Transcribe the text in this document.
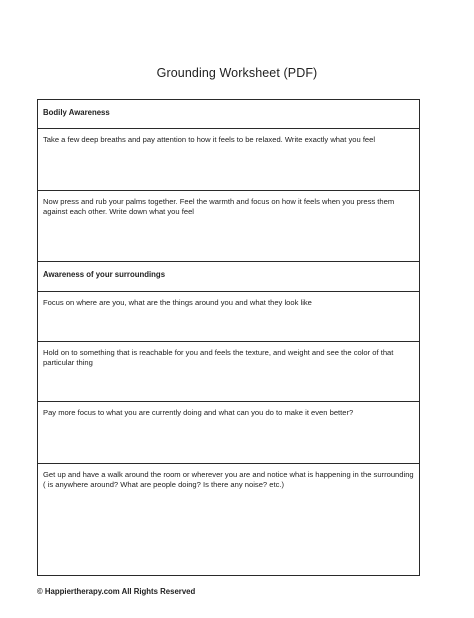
Grounding Worksheet (PDF)
Bodily Awareness
Take a few deep breaths and pay attention to how it feels to be relaxed. Write exactly what you feel
Now press and rub your palms together. Feel the warmth and focus on how it feels when you press them against each other. Write down what you feel
Awareness of your surroundings
Focus on where are you, what are the things around you and what they look like
Hold on to something that is reachable for you and feels the texture, and weight and see the color of that particular thing
Pay more focus to what you are currently doing and what can you do to make it even better?
Get up and have a walk around the room or wherever you are and notice what is happening in the surrounding ( is anywhere around? What are people doing? Is there any noise? etc.)
© Happiertherapy.com All Rights Reserved
